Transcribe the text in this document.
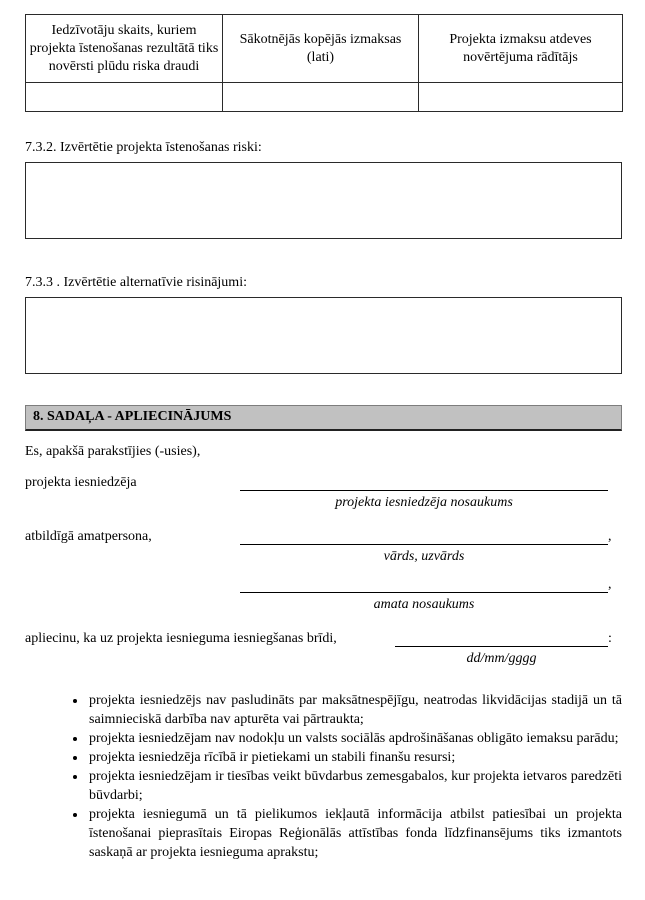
Iedzīvotāju skaits, kuriem projekta īstenošanas rezultātā tiks novērsti plūdu riska draudi	Sākotnējās kopējās izmaksas (lati)	Projekta izmaksu atdeves novērtējuma rādītājs

7.3.2. Izvērtētie projekta īstenošanas riski:
7.3.3 . Izvērtētie alternatīvie risinājumi:
8. SADAĻA - APLIECINĀJUMS
Es, apakšā parakstījies (-usies),
projekta iesniedzēja
projekta iesniedzēja nosaukums
atbildīgā amatpersona,	,
vārds, uzvārds
,
amata nosaukums
apliecinu, ka uz projekta iesnieguma iesniegšanas brīdi,	:
dd/mm/gggg
• projekta iesniedzējs nav pasludināts par maksātnespējīgu, neatrodas likvidācijas stadijā un tā saimnieciskā darbība nav apturēta vai pārtraukta;
• projekta iesniedzējam nav nodokļu un valsts sociālās apdrošināšanas obligāto iemaksu parādu;
• projekta iesniedzēja rīcībā ir pietiekami un stabili finanšu resursi;
• projekta iesniedzējam ir tiesības veikt būvdarbus zemesgabalos, kur projekta ietvaros paredzēti būvdarbi;
• projekta iesniegumā un tā pielikumos iekļautā informācija atbilst patiesībai un projekta īstenošanai pieprasītais Eiropas Reģionālās attīstības fonda līdzfinansējums tiks izmantots saskaņā ar projekta iesnieguma aprakstu;
